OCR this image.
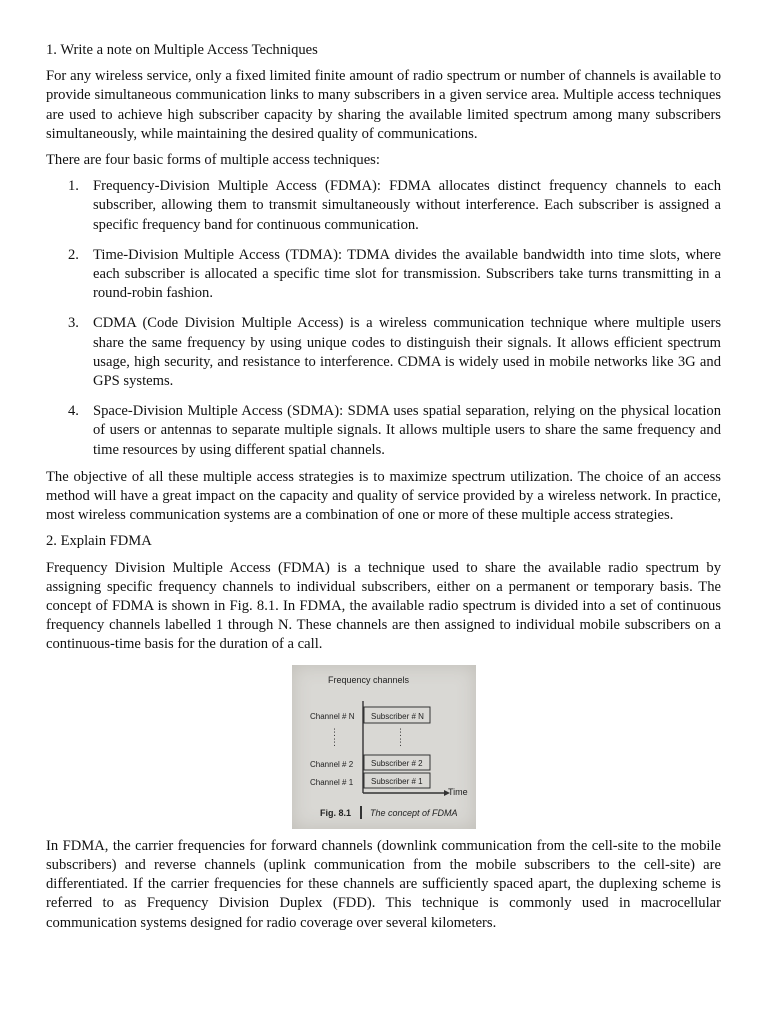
1. Write a note on Multiple Access Techniques

For any wireless service, only a fixed limited finite amount of radio spectrum or number of channels is available to provide simultaneous communication links to many subscribers in a given service area. Multiple access techniques are used to achieve high subscriber capacity by sharing the available limited spectrum among many subscribers simultaneously, while maintaining the desired quality of communications.

There are four basic forms of multiple access techniques:

1. Frequency-Division Multiple Access (FDMA): FDMA allocates distinct frequency channels to each subscriber, allowing them to transmit simultaneously without interference. Each subscriber is assigned a specific frequency band for continuous communication.
2. Time-Division Multiple Access (TDMA): TDMA divides the available bandwidth into time slots, where each subscriber is allocated a specific time slot for transmission. Subscribers take turns transmitting in a round-robin fashion.
3. CDMA (Code Division Multiple Access) is a wireless communication technique where multiple users share the same frequency by using unique codes to distinguish their signals. It allows efficient spectrum usage, high security, and resistance to interference. CDMA is widely used in mobile networks like 3G and GPS systems.
4. Space-Division Multiple Access (SDMA): SDMA uses spatial separation, relying on the physical location of users or antennas to separate multiple signals. It allows multiple users to share the same frequency and time resources by using different spatial channels.

The objective of all these multiple access strategies is to maximize spectrum utilization. The choice of an access method will have a great impact on the capacity and quality of service provided by a wireless network. In practice, most wireless communication systems are a combination of one or more of these multiple access strategies.

2. Explain FDMA

Frequency Division Multiple Access (FDMA) is a technique used to share the available radio spectrum by assigning specific frequency channels to individual subscribers, either on a permanent or temporary basis. The concept of FDMA is shown in Fig. 8.1. In FDMA, the available radio spectrum is divided into a set of continuous frequency channels labelled 1 through N. These channels are then assigned to individual mobile subscribers on a continuous-time basis for the duration of a call.

Frequency channels
Time
Channel # N Subscriber # N
⋮
⋮
⋮
⋮
Channel # 2 Subscriber # 2
Channel # 1 Subscriber # 1
Fig. 8.1 The concept of FDMA

In FDMA, the carrier frequencies for forward channels (downlink communication from the cell-site to the mobile subscribers) and reverse channels (uplink communication from the mobile subscribers to the cell-site) are differentiated. If the carrier frequencies for these channels are sufficiently spaced apart, the duplexing scheme is referred to as Frequency Division Duplex (FDD). This technique is commonly used in macrocellular communication systems designed for radio coverage over several kilometers.
